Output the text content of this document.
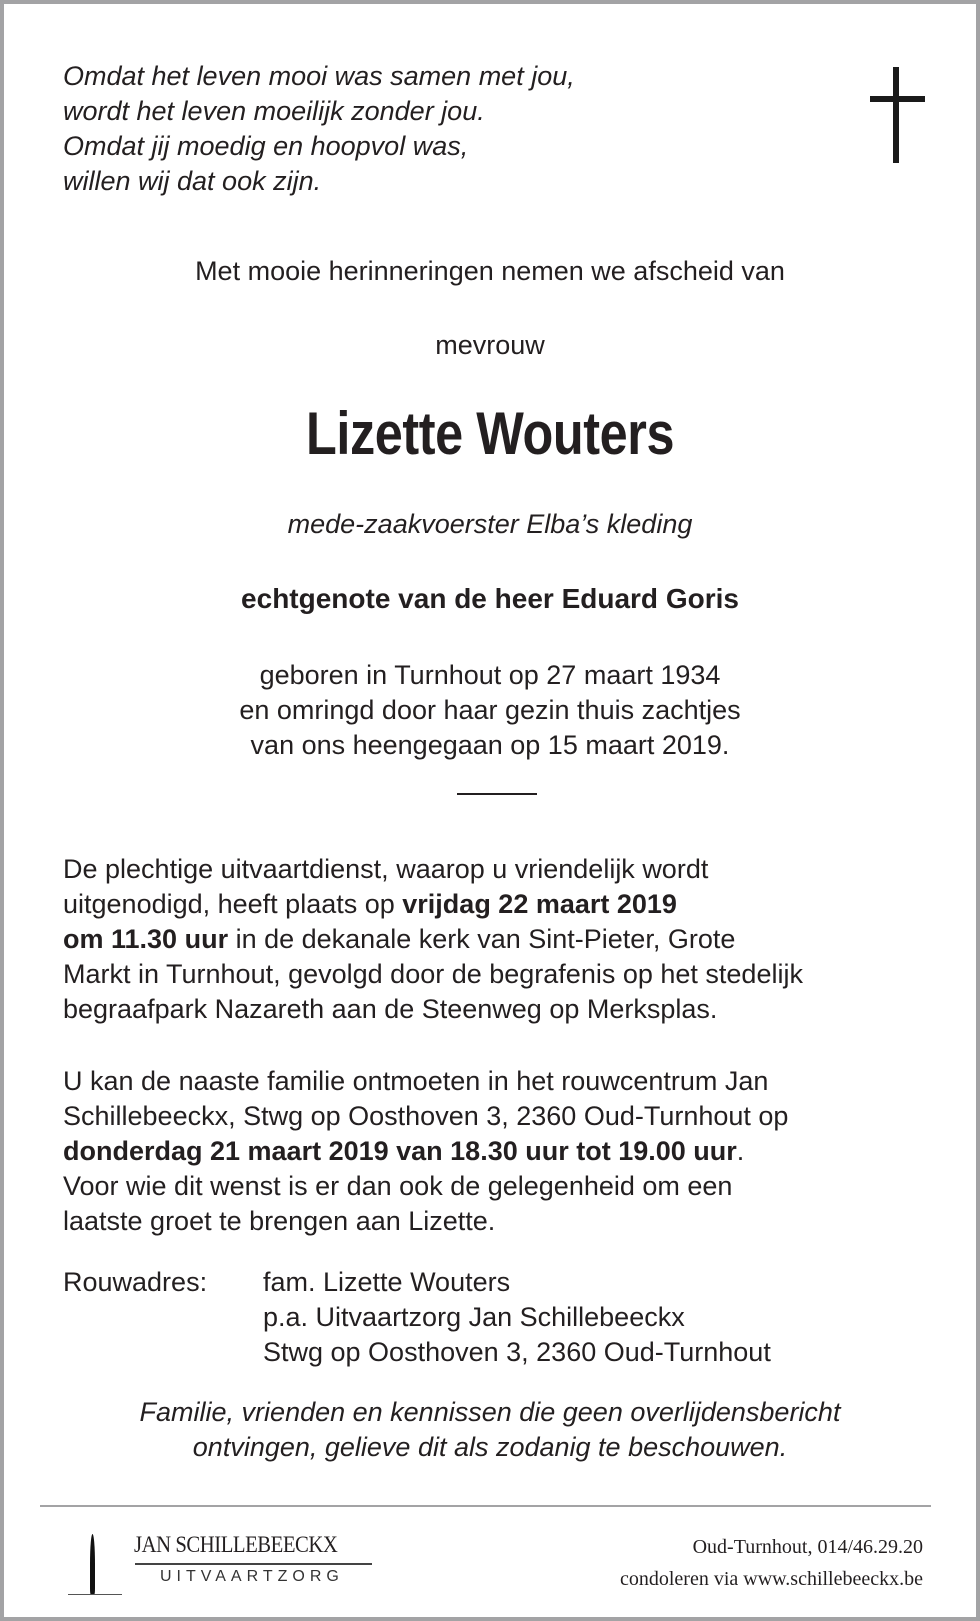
Omdat het leven mooi was samen met jou,
wordt het leven moeilijk zonder jou.
Omdat jij moedig en hoopvol was,
willen wij dat ook zijn.
Met mooie herinneringen nemen we afscheid van
mevrouw
Lizette Wouters
mede-zaakvoerster Elba’s kleding
echtgenote van de heer Eduard Goris
geboren in Turnhout op 27 maart 1934
en omringd door haar gezin thuis zachtjes
van ons heengegaan op 15 maart 2019.
De plechtige uitvaartdienst, waarop u vriendelijk wordt
uitgenodigd, heeft plaats op vrijdag 22 maart 2019
om 11.30 uur in de dekanale kerk van Sint-Pieter, Grote
Markt in Turnhout, gevolgd door de begrafenis op het stedelijk
begraafpark Nazareth aan de Steenweg op Merksplas.
U kan de naaste familie ontmoeten in het rouwcentrum Jan
Schillebeeckx, Stwg op Oosthoven 3, 2360 Oud-Turnhout op
donderdag 21 maart 2019 van 18.30 uur tot 19.00 uur.
Voor wie dit wenst is er dan ook de gelegenheid om een
laatste groet te brengen aan Lizette.
Rouwadres: fam. Lizette Wouters
p.a. Uitvaartzorg Jan Schillebeeckx
Stwg op Oosthoven 3, 2360 Oud-Turnhout
Familie, vrienden en kennissen die geen overlijdensbericht
ontvingen, gelieve dit als zodanig te beschouwen.
JAN SCHILLEBEECKX
UITVAARTZORG
Oud-Turnhout, 014/46.29.20
condoleren via www.schillebeeckx.be
